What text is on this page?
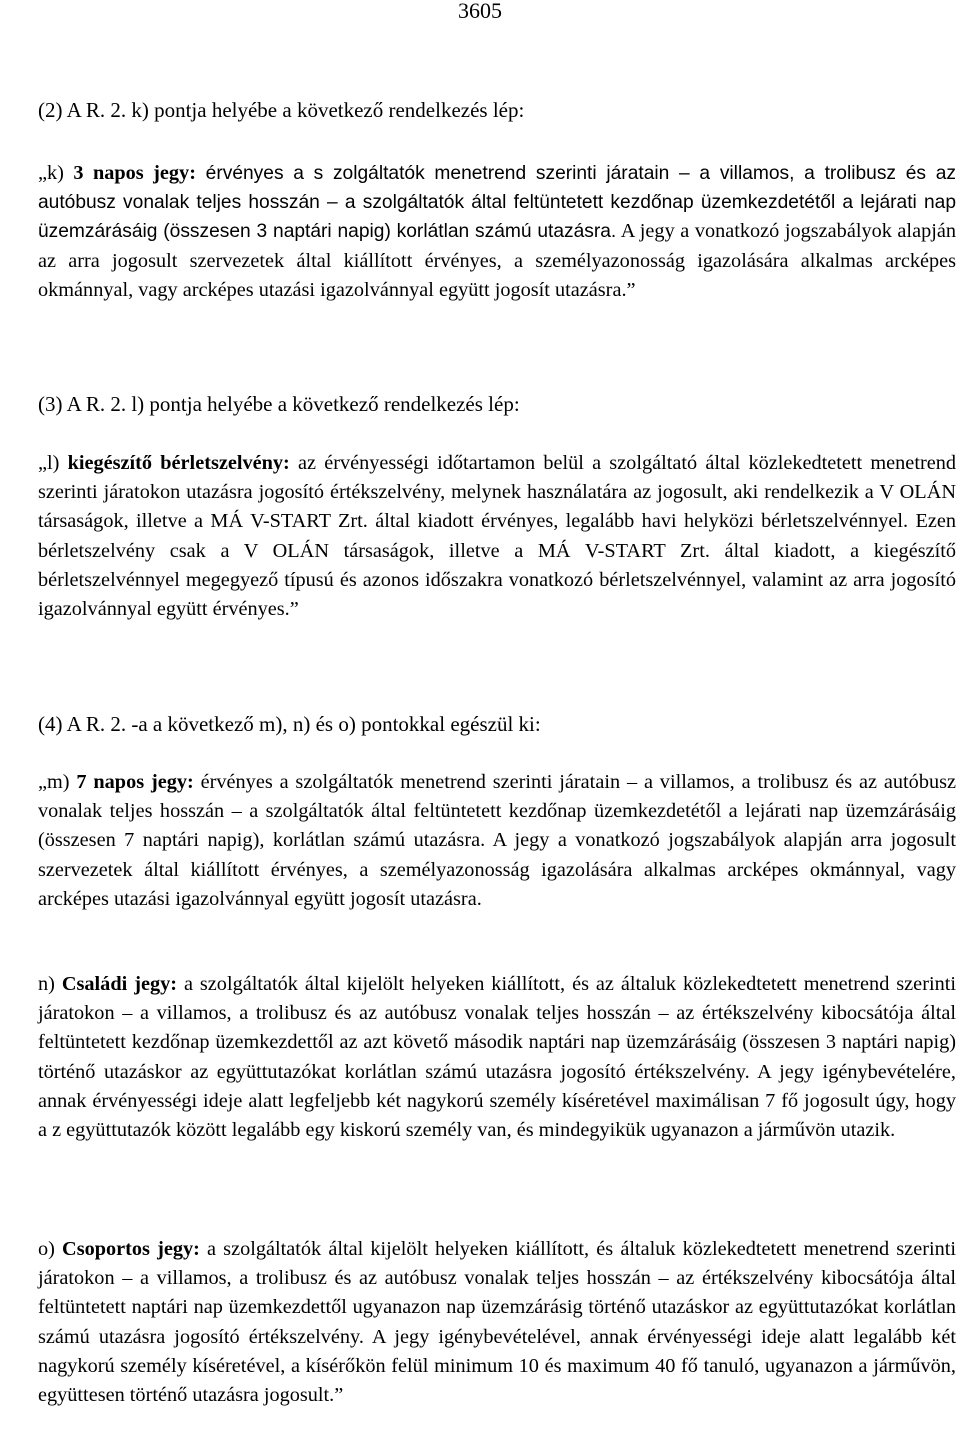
3605
(2) A R. 2. k) pontja helyébe a következő rendelkezés lép:
„k) 3 napos jegy: érvényes a s zolgáltatók menetrend szerinti járatain – a villamos, a trolibusz és az autóbusz vonalak teljes hosszán – a szolgáltatók által feltüntetett kezdőnap üzemkezdetétől a lejárati nap üzemzárásáig (összesen 3 naptári napig) korlátlan számú utazásra. A jegy a vonatkozó jogszabályok alapján az arra jogosult szervezetek által kiállított érvényes, a személyazonosság igazolására alkalmas arcképes okmánnyal, vagy arcképes utazási igazolvánnyal együtt jogosít utazásra.”
(3) A R. 2. l) pontja helyébe a következő rendelkezés lép:
„l) kiegészítő bérletszelvény: az érvényességi időtartamon belül a szolgáltató által közlekedtetett menetrend szerinti járatokon utazásra jogosító értékszelvény, melynek használatára az jogosult, aki rendelkezik a V OLÁN társaságok, illetve a MÁ V-START Zrt. által kiadott érvényes, legalább havi helyközi bérletszelvénnyel. Ezen bérletszelvény csak a V OLÁN társaságok, illetve a MÁ V-START Zrt. által kiadott, a kiegészítő bérletszelvénnyel megegyező típusú és azonos időszakra vonatkozó bérletszelvénnyel, valamint az arra jogosító igazolvánnyal együtt érvényes.”
(4) A R. 2. -a a következő m), n) és o) pontokkal egészül ki:
„m) 7 napos jegy: érvényes a szolgáltatók menetrend szerinti járatain – a villamos, a trolibusz és az autóbusz vonalak teljes hosszán – a szolgáltatók által feltüntetett kezdőnap üzemkezdetétől a lejárati nap üzemzárásáig (összesen 7 naptári napig), korlátlan számú utazásra. A jegy a vonatkozó jogszabályok alapján arra jogosult szervezetek által kiállított érvényes, a személyazonosság igazolására alkalmas arcképes okmánnyal, vagy arcképes utazási igazolvánnyal együtt jogosít utazásra.
n) Családi jegy: a szolgáltatók által kijelölt helyeken kiállított, és az általuk közlekedtetett menetrend szerinti járatokon – a villamos, a trolibusz és az autóbusz vonalak teljes hosszán – az értékszelvény kibocsátója által feltüntetett kezdőnap üzemkezdettől az azt követő második naptári nap üzemzárásáig (összesen 3 naptári napig) történő utazáskor az együttutazókat korlátlan számú utazásra jogosító értékszelvény. A jegy igénybevételére, annak érvényességi ideje alatt legfeljebb két nagykorú személy kíséretével maximálisan 7 fő jogosult úgy, hogy a z együttutazók között legalább egy kiskorú személy van, és mindegyikük ugyanazon a járművön utazik.
o) Csoportos jegy: a szolgáltatók által kijelölt helyeken kiállított, és általuk közlekedtetett menetrend szerinti járatokon – a villamos, a trolibusz és az autóbusz vonalak teljes hosszán – az értékszelvény kibocsátója által feltüntetett naptári nap üzemkezdettől ugyanazon nap üzemzárásig történő utazáskor az együttutazókat korlátlan számú utazásra jogosító értékszelvény. A jegy igénybevételével, annak érvényességi ideje alatt legalább két nagykorú személy kíséretével, a kísérőkön felül minimum 10 és maximum 40 fő tanuló, ugyanazon a járművön, együttesen történő utazásra jogosult.”
